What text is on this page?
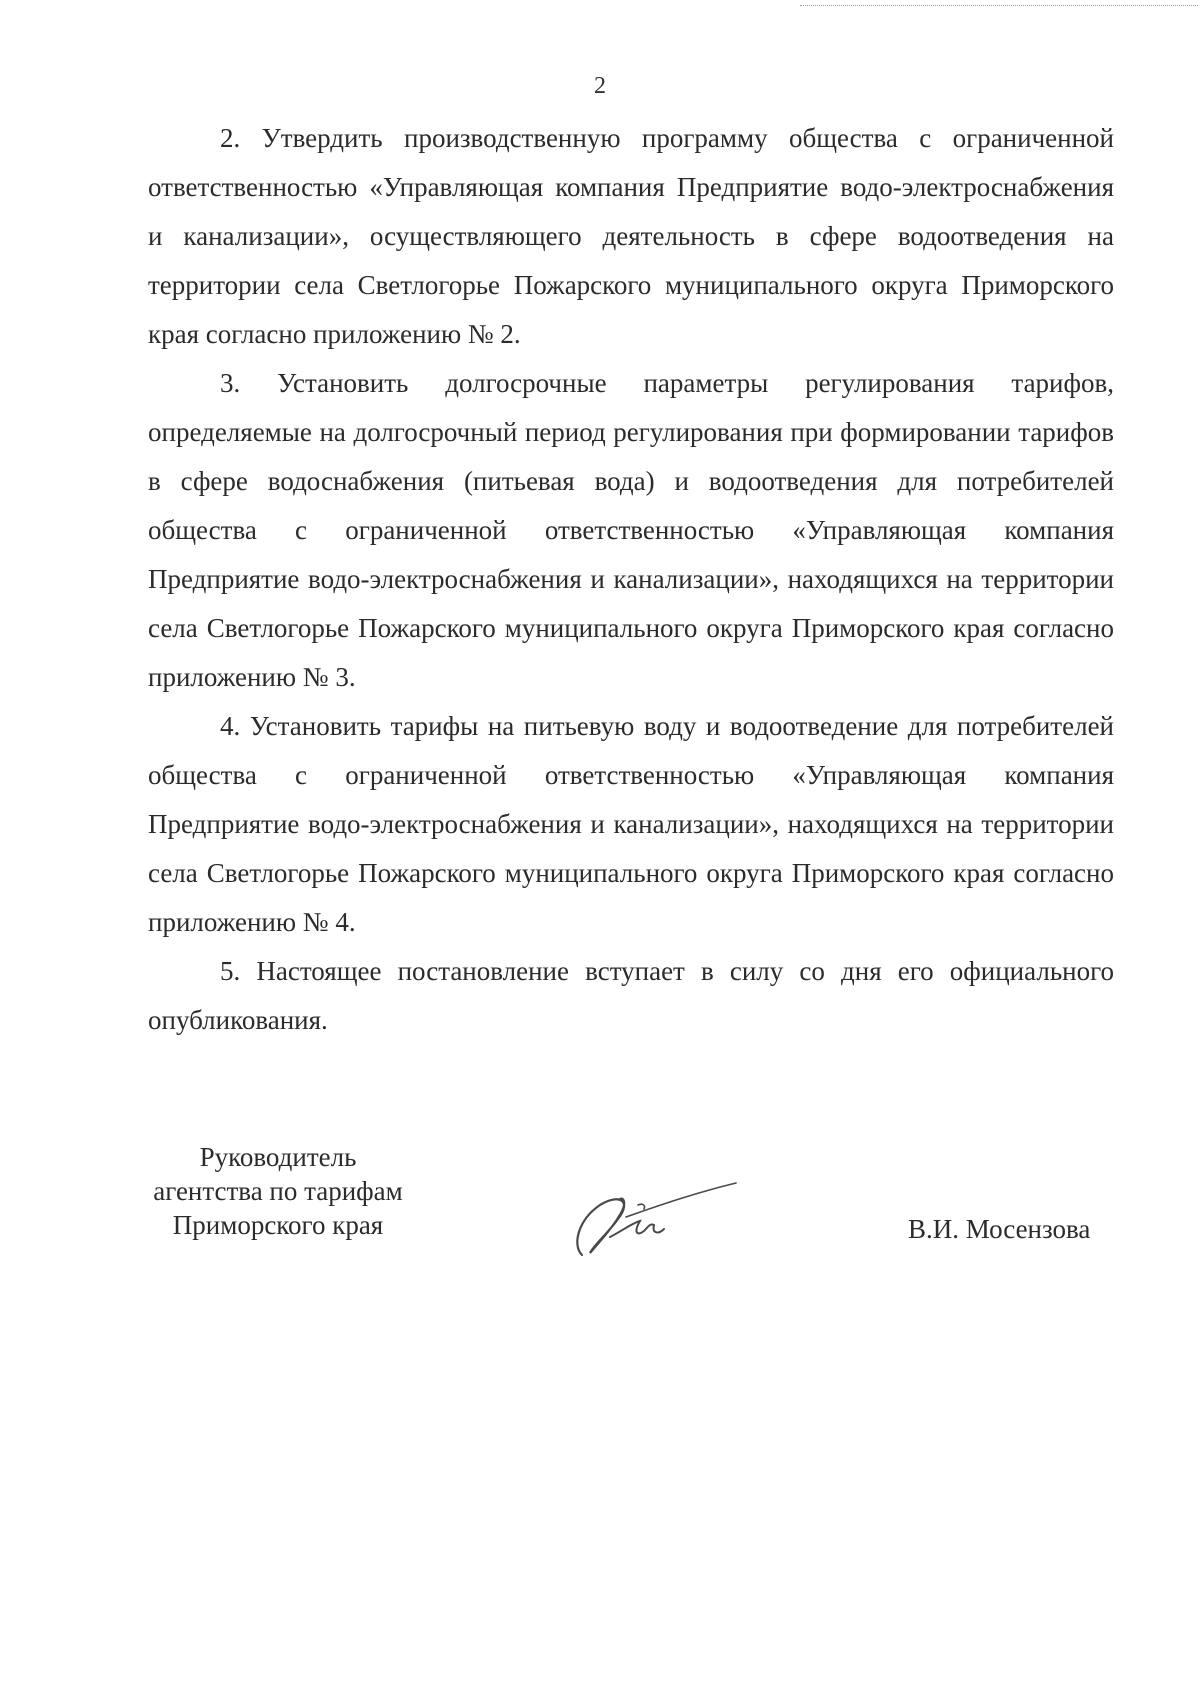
2

2. Утвердить производственную программу общества с ограниченной ответственностью «Управляющая компания Предприятие водо-электроснабжения и канализации», осуществляющего деятельность в сфере водоотведения на территории села Светлогорье Пожарского муниципального округа Приморского края согласно приложению № 2.

3. Установить долгосрочные параметры регулирования тарифов, определяемые на долгосрочный период регулирования при формировании тарифов в сфере водоснабжения (питьевая вода) и водоотведения для потребителей общества с ограниченной ответственностью «Управляющая компания Предприятие водо-электроснабжения и канализации», находящихся на территории села Светлогорье Пожарского муниципального округа Приморского края согласно приложению № 3.

4. Установить тарифы на питьевую воду и водоотведение для потребителей общества с ограниченной ответственностью «Управляющая компания Предприятие водо-электроснабжения и канализации», находящихся на территории села Светлогорье Пожарского муниципального округа Приморского края согласно приложению № 4.

5. Настоящее постановление вступает в силу со дня его официального опубликования.

Руководитель
агентства по тарифам
Приморского края	В.И. Мосензова
